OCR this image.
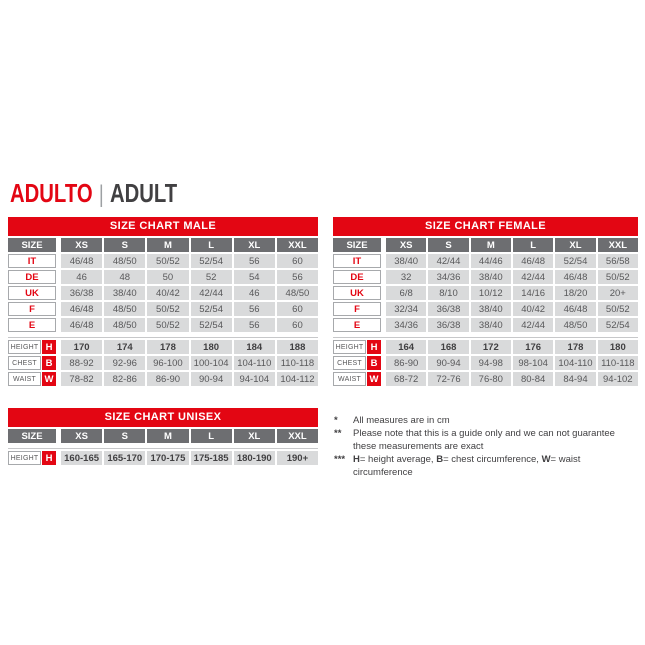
ADULTO | ADULT
SIZE CHART MALE
SIZE	XS	S	M	L	XL	XXL
IT	46/48	48/50	50/52	52/54	56	60
DE	46	48	50	52	54	56
UK	36/38	38/40	40/42	42/44	46	48/50
F	46/48	48/50	50/52	52/54	56	60
E	46/48	48/50	50/52	52/54	56	60
HEIGHT H	170	174	178	180	184	188
CHEST B	88-92	92-96	96-100	100-104 104-110 110-118
WAIST W	78-82	82-86	86-90	90-94	94-104	104-112
SIZE CHART FEMALE
SIZE	XS	S	M	L	XL	XXL
IT	38/40	42/44	44/46	46/48	52/54	56/58
DE	32	34/36	38/40	42/44	46/48	50/52
UK	6/8	8/10	10/12	14/16	18/20	20+
F	32/34	36/38	38/40	40/42	46/48	50/52
E	34/36	36/38	38/40	42/44	48/50	52/54
HEIGHT H	164	168	172	176	178	180
CHEST B	86-90	90-94	94-98	98-104	104-110 110-118
WAIST W	68-72	72-76	76-80	80-84	84-94	94-102
SIZE CHART UNISEX
SIZE	XS	S	M	L	XL	XXL
HEIGHT H	160-165 165-170 170-175 175-185 180-190	190+
*	All measures are in cm
**	Please note that this is a guide only and we can not guarantee
these measurements are exact
*** H= height average, B= chest circumference, W= waist circumference
